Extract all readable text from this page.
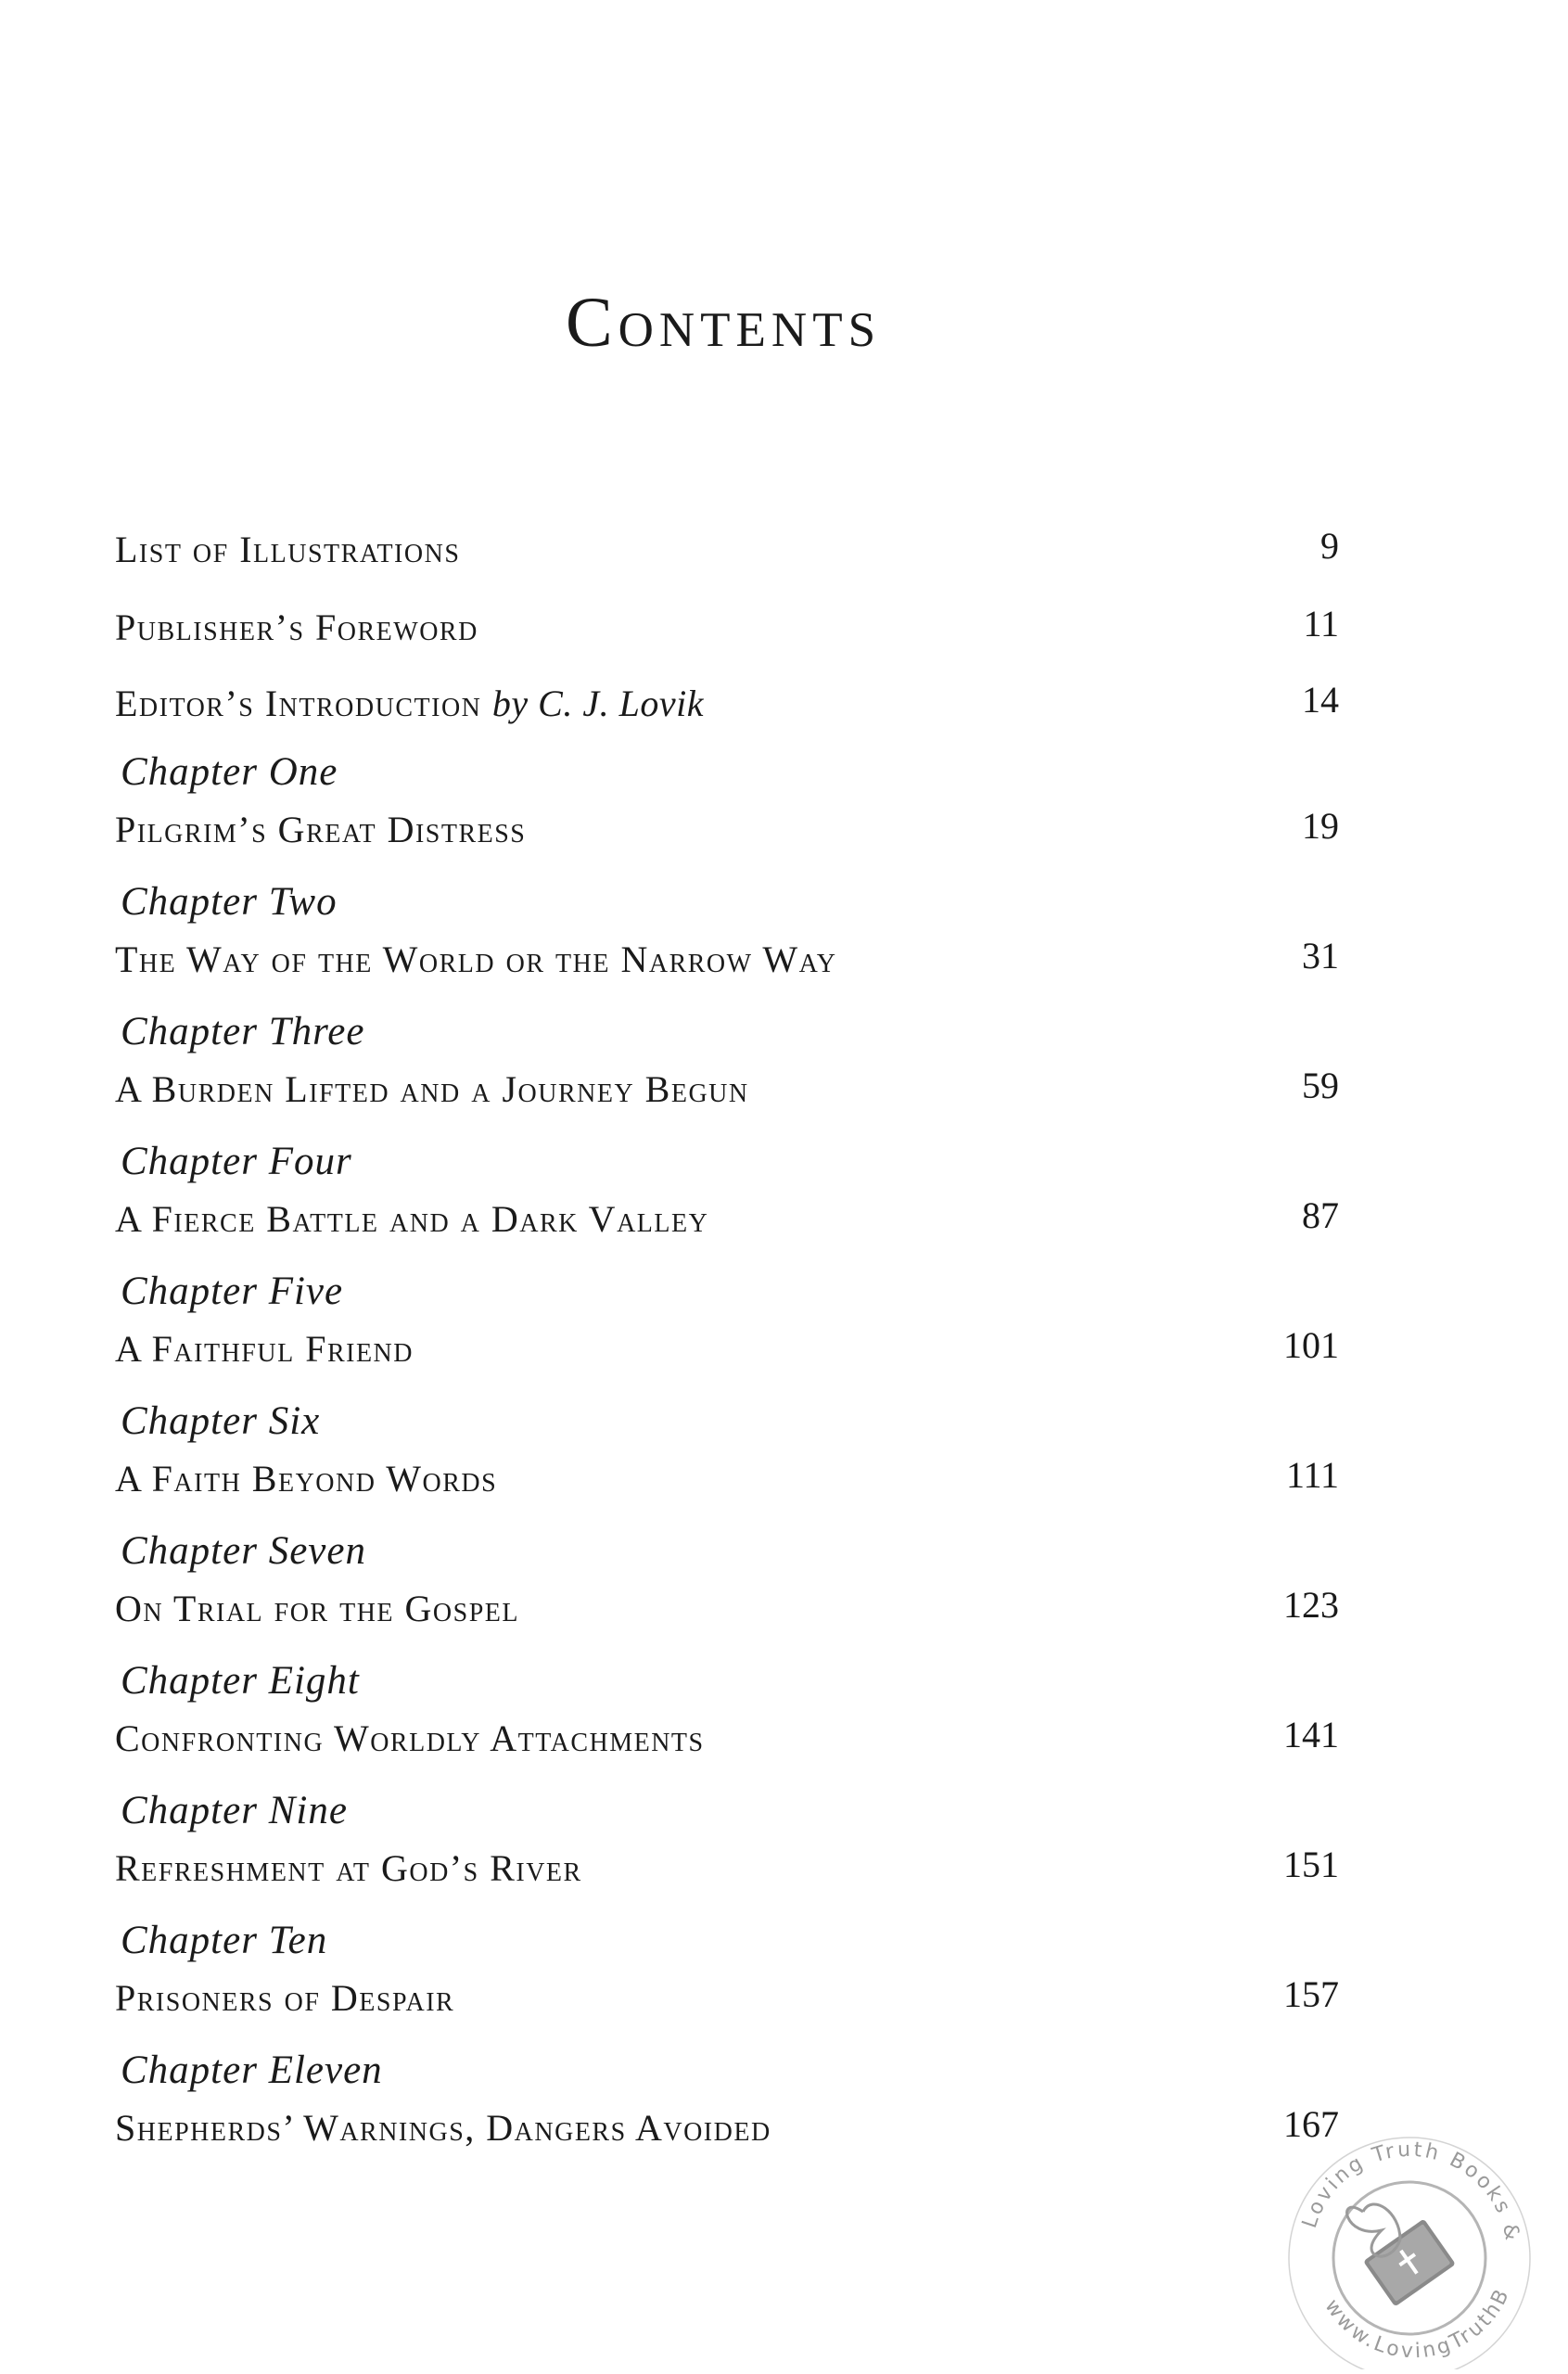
Contents
List of Illustrations	9
Publisher’s Foreword	11
Editor’s Introduction by C. J. Lovik	14
Chapter One
Pilgrim’s Great Distress	19
Chapter Two
The Way of the World or the Narrow Way	31
Chapter Three
A Burden Lifted and a Journey Begun	59
Chapter Four
A Fierce Battle and a Dark Valley	87
Chapter Five
A Faithful Friend	101
Chapter Six
A Faith Beyond Words	111
Chapter Seven
On Trial for the Gospel	123
Chapter Eight
Confronting Worldly Attachments	141
Chapter Nine
Refreshment at God’s River	151
Chapter Ten
Prisoners of Despair	157
Chapter Eleven
Shepherds’ Warnings, Dangers Avoided	167
Loving Truth Books &
www.LovingTruthB
